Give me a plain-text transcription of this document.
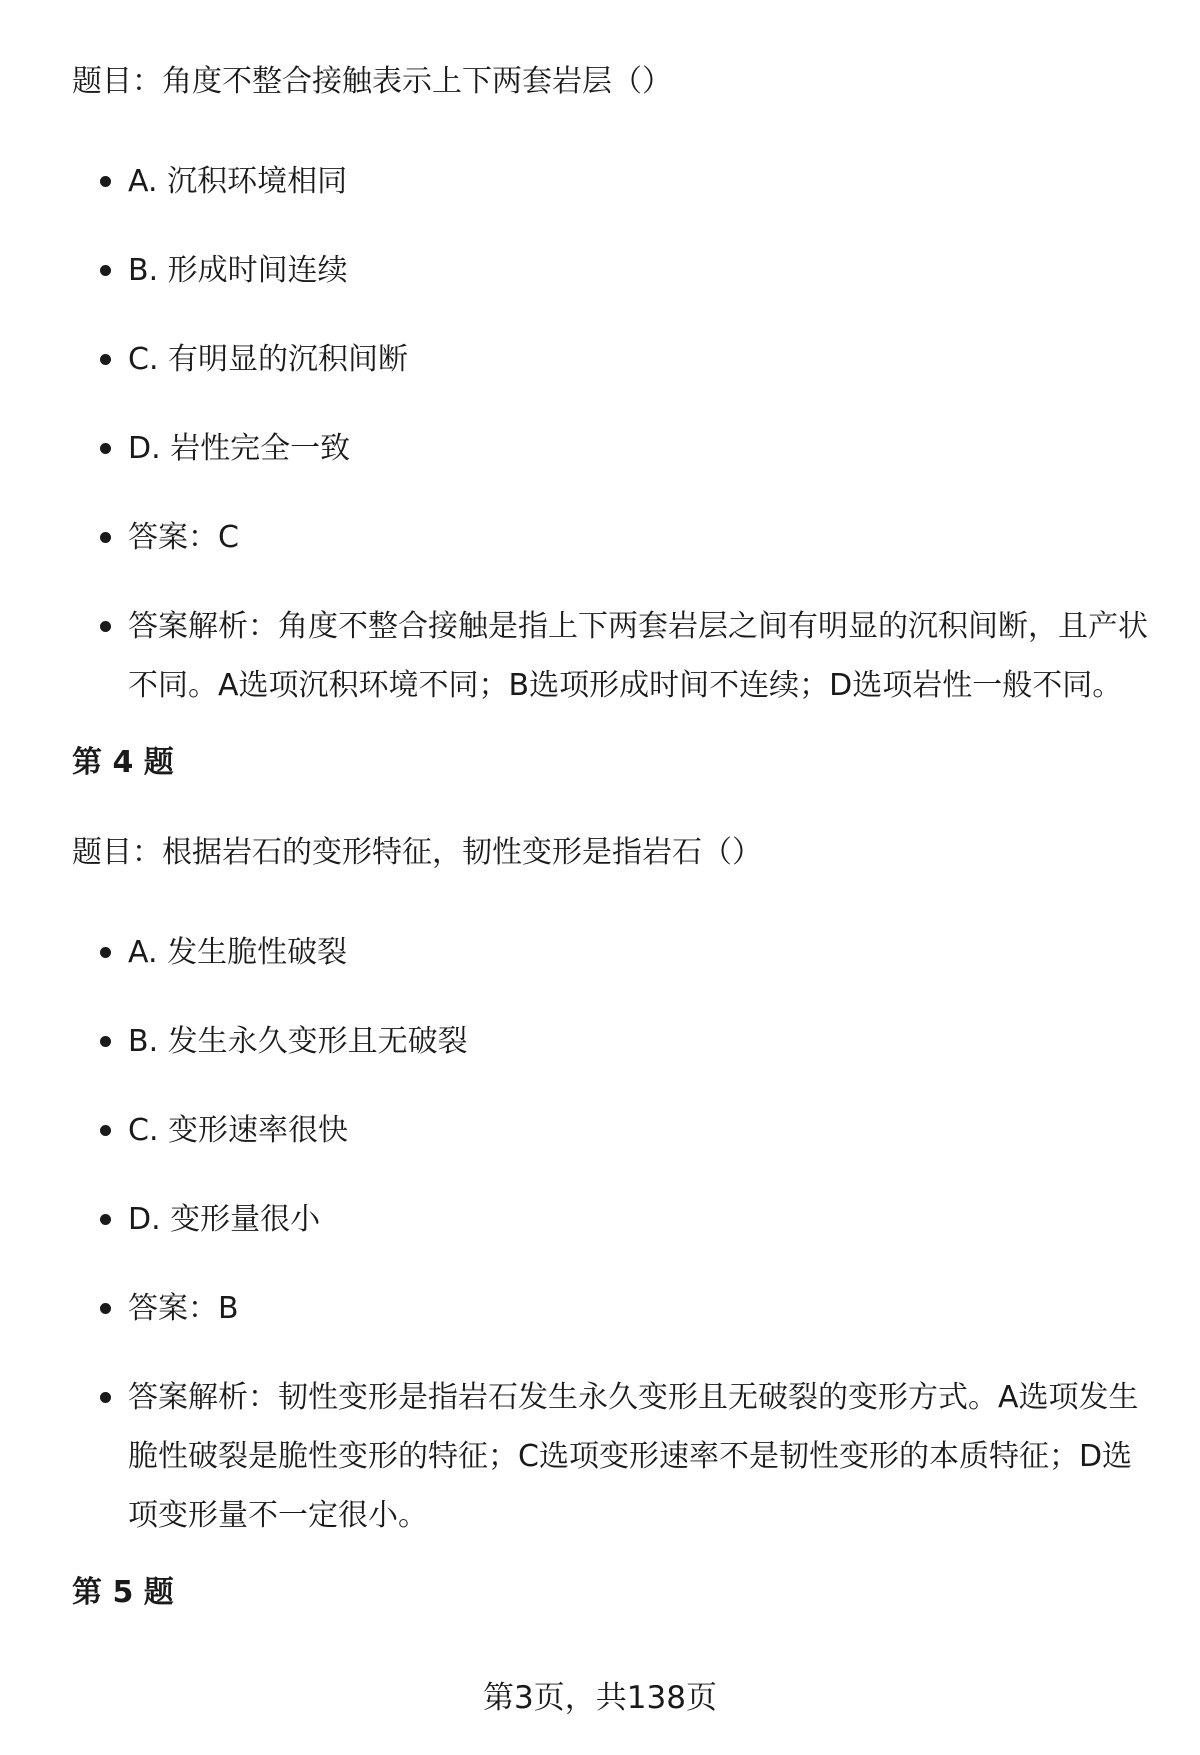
题目：角度不整合接触表示上下两套岩层（）

A. 沉积环境相同
B. 形成时间连续
C. 有明显的沉积间断
D. 岩性完全一致
答案：C
答案解析：角度不整合接触是指上下两套岩层之间有明显的沉积间断，且产状不同。A选项沉积环境不同；B选项形成时间不连续；D选项岩性一般不同。

第 4 题

题目：根据岩石的变形特征，韧性变形是指岩石（）

A. 发生脆性破裂
B. 发生永久变形且无破裂
C. 变形速率很快
D. 变形量很小
答案：B
答案解析：韧性变形是指岩石发生永久变形且无破裂的变形方式。A选项发生脆性破裂是脆性变形的特征；C选项变形速率不是韧性变形的本质特征；D选项变形量不一定很小。

第 5 题

第3页，共138页
